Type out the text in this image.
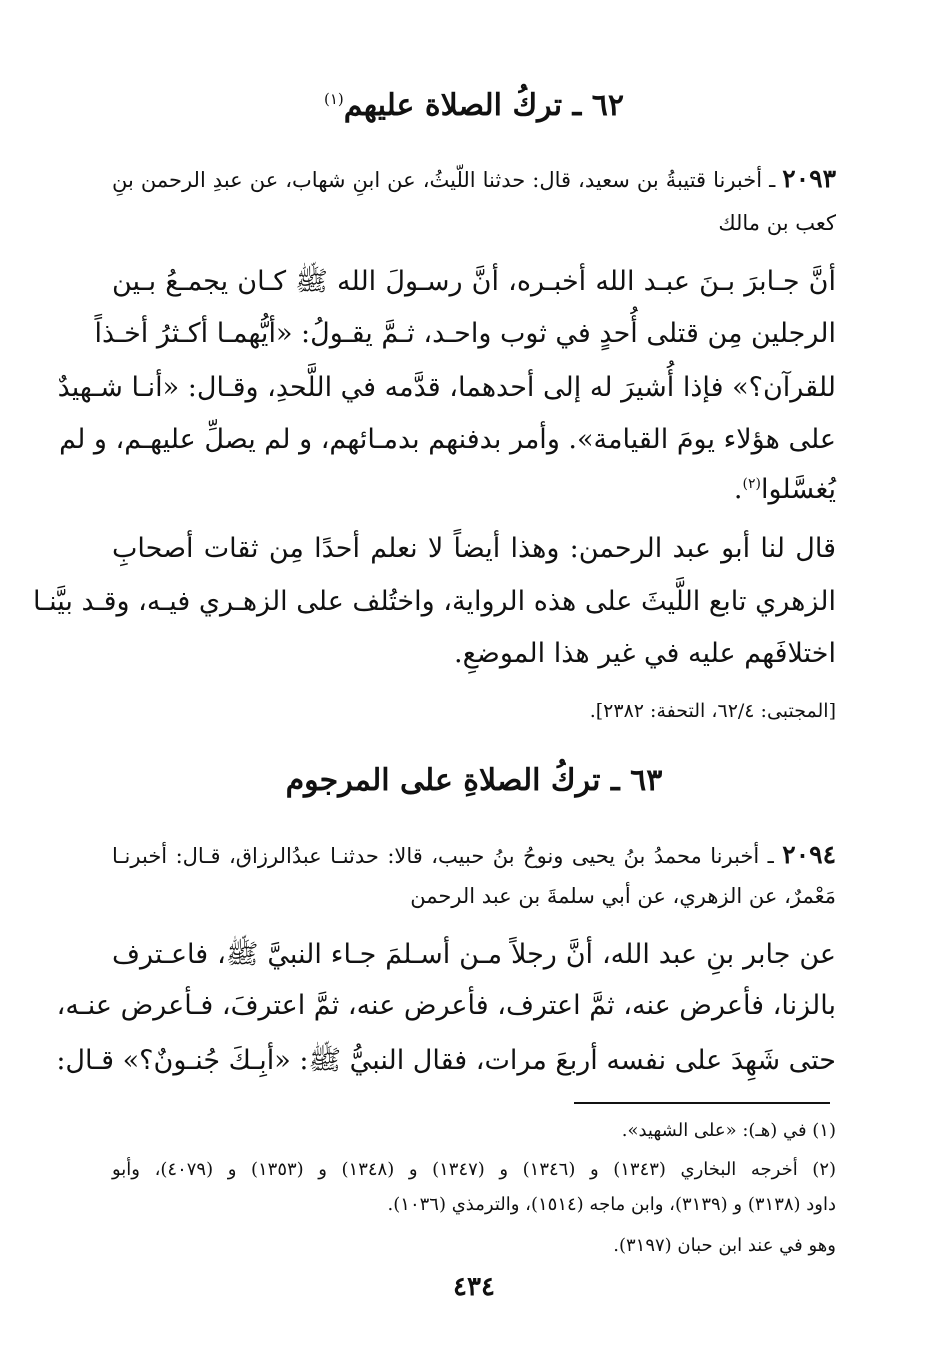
٦٢ ـ تركُ الصلاة عليهم$^{(١)}$
٢٠٩٣ ـ أخبرنا قتيبةُ بن سعيد، قال: حدثنا اللّيثُ، عن ابنِ شهاب، عن عبدِ الرحمن بنِ
كعب بن مالك
أنَّ جـابرَ بـنَ عبـد الله أخبـره، أنَّ رسـولَ الله ﷺ كـان يجمـعُ بـين
الرجلين مِن قتلى أُحدٍ في ثوب واحـد، ثـمَّ يقـولُ: «أيُّهمـا أكـثرُ أخـذاً
للقرآن؟» فإذا أُشيرَ له إلى أحدهما، قدَّمه في اللَّحدِ، وقـال: «أنـا شـهيدٌ
على هؤلاء يومَ القيامة». وأمر بدفنهم بدمـائهم، و لم يصلِّ عليهـم، و لم
يُغسَّلوا$^{(٢)}$.
قال لنا أبو عبد الرحمن: وهذا أيضاً لا نعلم أحدًا مِن ثقات أصحابِ
الزهري تابع اللَّيثَ على هذه الرواية، واختُلف على الزهـري فيـه، وقـد بيَّنـا
اختلافَهم عليه في غير هذا الموضعِ.
[المجتبى: ٦٢/٤، التحفة: ٢٣٨٢].
٦٣ ـ تركُ الصلاةِ على المرجوم
٢٠٩٤ ـ أخبرنا محمدُ بنُ يحيى ونوحُ بنُ حبيب، قالا: حدثنـا عبدُالرزاق، قـال: أخبرنـا
مَعْمرٌ، عن الزهري، عن أبي سلمةَ بن عبد الرحمن
عن جابر بنِ عبد الله، أنَّ رجلاً مـن أسـلمَ جـاء النبيَّ ﷺ، فاعـترف
بالزنا، فأعرض عنه، ثمَّ اعترف، فأعرض عنه، ثمَّ اعترفَ، فـأعرض عنـه،
حتى شَهِدَ على نفسه أربعَ مرات، فقال النبيُّ ﷺ: «أبِـكَ جُنـونٌ؟» قـال:
(١) في (هـ): «على الشهيد».
(٢) أخرجه البخاري (١٣٤٣) و (١٣٤٦) و (١٣٤٧) و (١٣٤٨) و (١٣٥٣) و (٤٠٧٩)، وأبو
داود (٣١٣٨) و (٣١٣٩)، وابن ماجه (١٥١٤)، والترمذي (١٠٣٦).
وهو في عند ابن حبان (٣١٩٧).
٤٣٤
